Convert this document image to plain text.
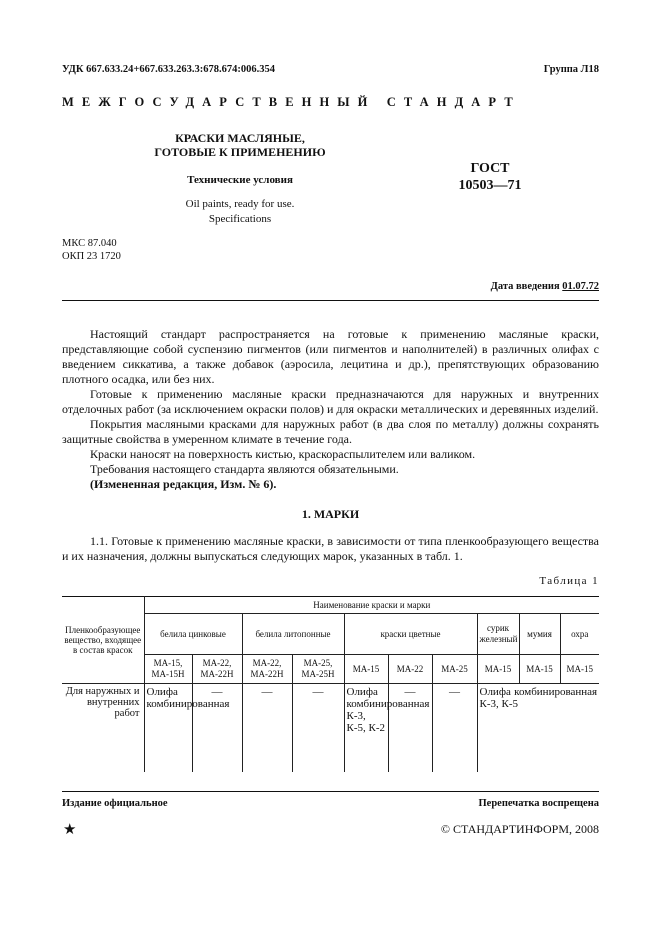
УДК 667.633.24+667.633.263.3:678.674:006.354	Группа Л18
МЕЖГОСУДАРСТВЕННЫЙ СТАНДАРТ
КРАСКИ МАСЛЯНЫЕ,
ГОТОВЫЕ К ПРИМЕНЕНИЮ
Технические условия
Oil paints, ready for use.
Specifications
ГОСТ
10503—71
МКС 87.040
ОКП 23 1720
Дата введения 01.07.72

Настоящий стандарт распространяется на готовые к применению масляные краски, представляющие собой суспензию пигментов (или пигментов и наполнителей) в различных олифах с введением сиккатива, а также добавок (аэросила, лецитина и др.), препятствующих образованию плотного осадка, или без них.

Готовые к применению масляные краски предназначаются для наружных и внутренних отделочных работ (за исключением окраски полов) и для окраски металлических и деревянных изделий.

Покрытия масляными красками для наружных работ (в два слоя по металлу) должны сохранять защитные свойства в умеренном климате в течение года.

Краски наносят на поверхность кистью, краскораспылителем или валиком.

Требования настоящего стандарта являются обязательными.

(Измененная редакция, Изм. № 6).

1. МАРКИ

1.1. Готовые к применению масляные краски, в зависимости от типа пленкообразующего вещества и их назначения, должны выпускаться следующих марок, указанных в табл. 1.

Таблица 1
Пленкообразующее вещество, входящее в состав красок	Наименование краски и марки									
	белила цинковые		белила литопонные		краски цветные			сурик железный	мумия	охра
	МА-15, МА-15Н	МА-22, МА-22Н	МА-22, МА-22Н	МА-25, МА-25Н	МА-15	МА-22	МА-25	МА-15	МА-15	МА-15
Для наружных и внутренних работ	Олифа комбинированная	—	—	—	Олифа комбинированная К-3, К-5, К-2	—	—	Олифа комбинированная К-3, К-5		
Издание официальное	Перепечатка воспрещена
★	© СТАНДАРТИНФОРМ, 2008
